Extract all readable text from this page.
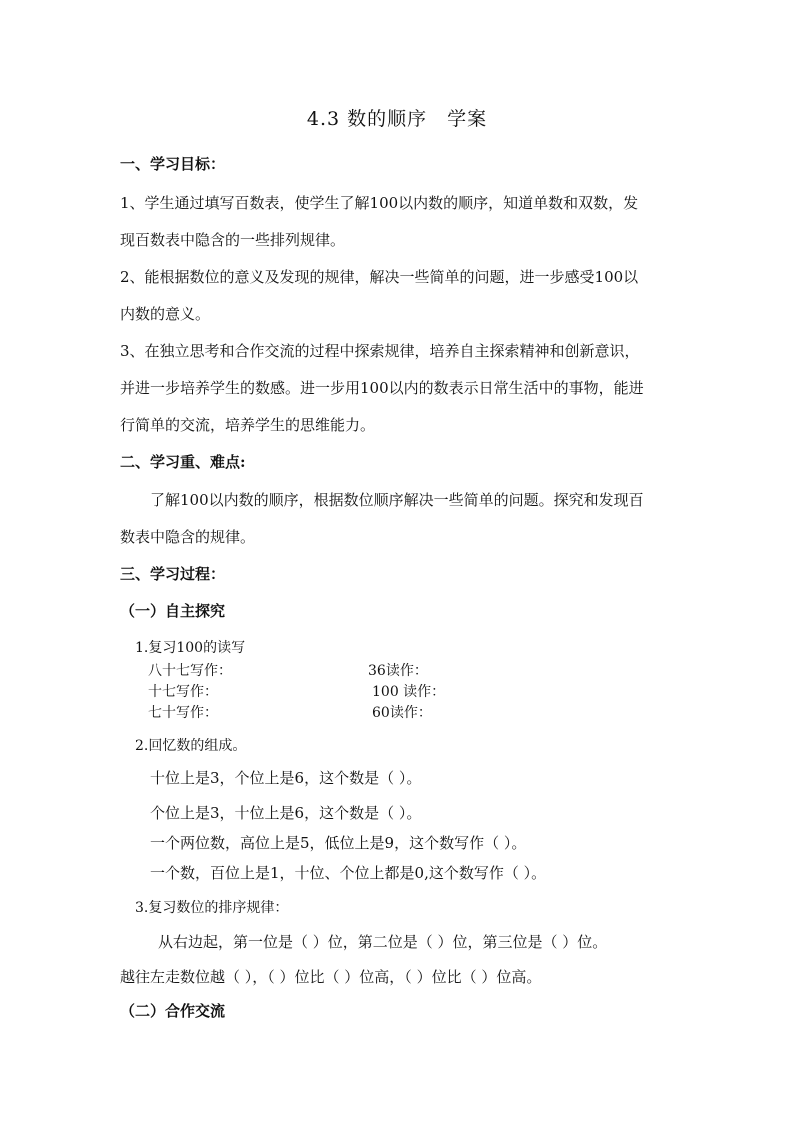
4.3 数的顺序　学案
一、学习目标：
1、学生通过填写百数表，使学生了解100以内数的顺序，知道单数和双数，发
现百数表中隐含的一些排列规律。
2、能根据数位的意义及发现的规律，解决一些简单的问题，进一步感受100以
内数的意义。
3、在独立思考和合作交流的过程中探索规律，培养自主探索精神和创新意识，
并进一步培养学生的数感。进一步用100以内的数表示日常生活中的事物，能进
行简单的交流，培养学生的思维能力。
二、学习重、难点:
了解100以内数的顺序，根据数位顺序解决一些简单的问题。探究和发现百
数表中隐含的规律。
三、学习过程：
（一）自主探究
1.复习100的读写
八十七写作：	36读作：
十七写作：	100 读作：
七十写作：	60读作：
2.回忆数的组成。
十位上是3，个位上是6，这个数是（ ）。
个位上是3，十位上是6，这个数是（ ）。
一个两位数，高位上是5，低位上是9，这个数写作（ ）。
一个数，百位上是1，十位、个位上都是0,这个数写作（ ）。
3.复习数位的排序规律：
从右边起，第一位是（ ）位，第二位是（ ）位，第三位是（ ）位。
越往左走数位越（ ），（ ）位比（ ）位高，（ ）位比（ ）位高。
（二）合作交流
